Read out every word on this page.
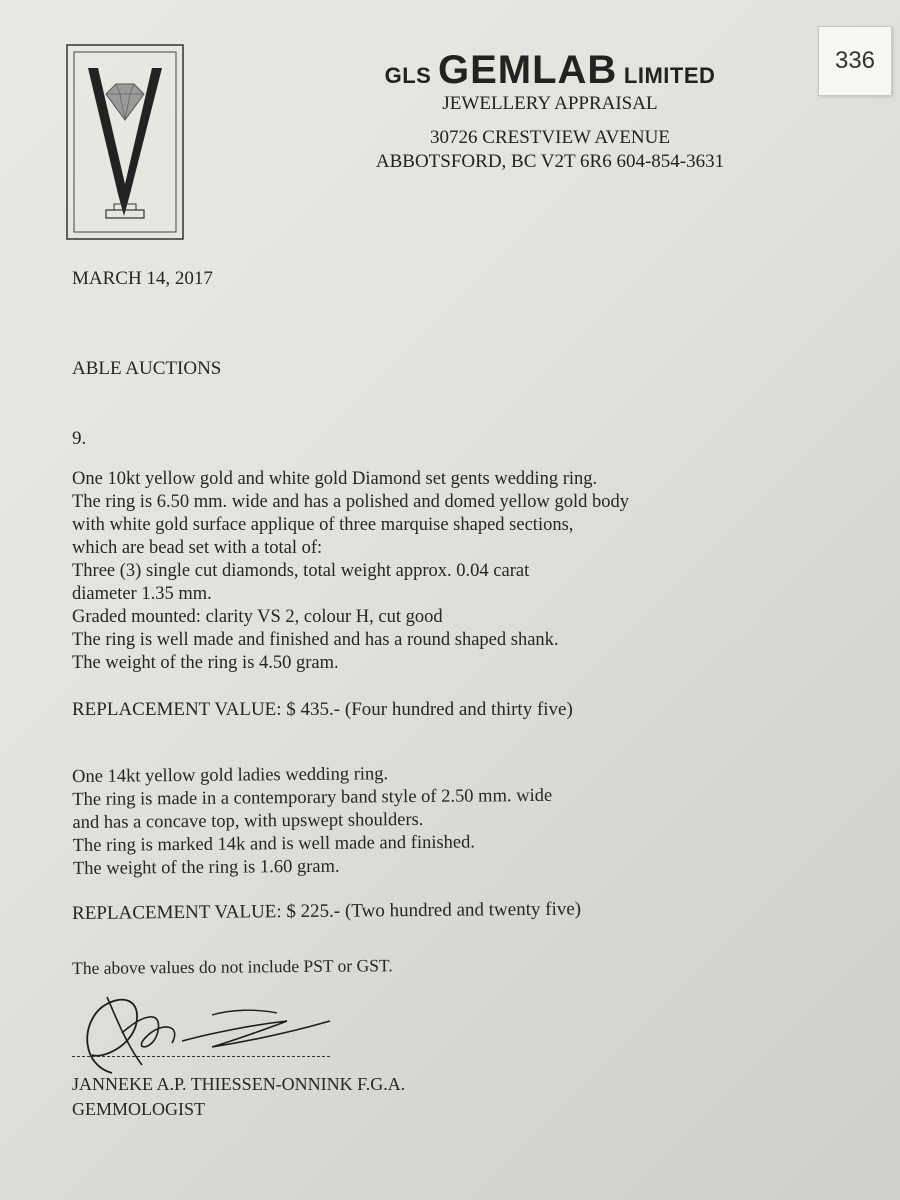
336
GLS GEMLAB LIMITED
JEWELLERY APPRAISAL
30726 CRESTVIEW AVENUE
ABBOTSFORD, BC V2T 6R6 604-854-3631
MARCH 14, 2017
ABLE AUCTIONS
9.

One 10kt yellow gold and white gold Diamond set gents wedding ring.

The ring is 6.50 mm. wide and has a polished and domed yellow gold body

with white gold surface applique of three marquise shaped sections,

which are bead set with a total of:

Three (3) single cut diamonds, total weight approx. 0.04 carat

diameter 1.35 mm.

Graded mounted: clarity VS 2, colour H, cut good

The ring is well made and finished and has a round shaped shank.

The weight of the ring is 4.50 gram.

REPLACEMENT VALUE: $ 435.- (Four hundred and thirty five)

One 14kt yellow gold ladies wedding ring.

The ring is made in a contemporary band style of 2.50 mm. wide

and has a concave top, with upswept shoulders.

The ring is marked 14k and is well made and finished.

The weight of the ring is 1.60 gram.

REPLACEMENT VALUE: $ 225.- (Two hundred and twenty five)
The above values do not include PST or GST.
JANNEKE A.P. THIESSEN-ONNINK F.G.A.
GEMMOLOGIST
